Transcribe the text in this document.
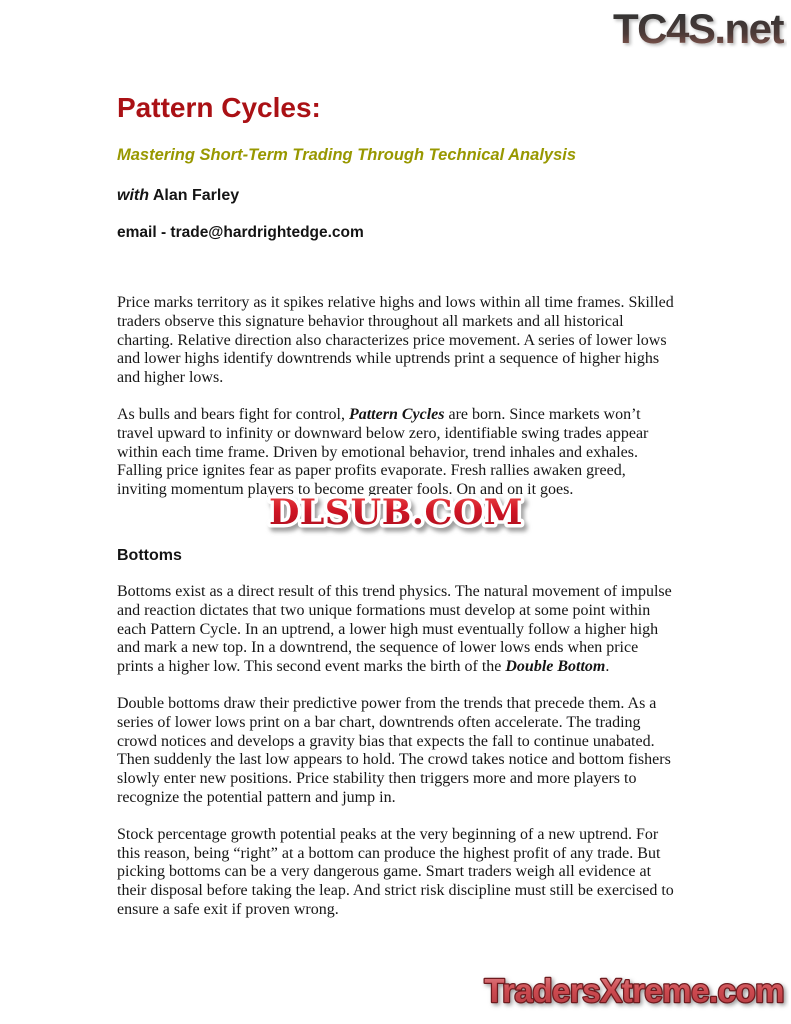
TC4S.net
Pattern Cycles:
Mastering Short-Term Trading Through Technical Analysis
with Alan Farley
email - trade@hardrightedge.com

Price marks territory as it spikes relative highs and lows within all time frames. Skilled traders observe this signature behavior throughout all markets and all historical charting. Relative direction also characterizes price movement. A series of lower lows and lower highs identify downtrends while uptrends print a sequence of higher highs and higher lows.

As bulls and bears fight for control, Pattern Cycles are born. Since markets won’t travel upward to infinity or downward below zero, identifiable swing trades appear within each time frame. Driven by emotional behavior, trend inhales and exhales. Falling price ignites fear as paper profits evaporate. Fresh rallies awaken greed, inviting momentum players to become greater fools. On and on it goes.

Bottoms

Bottoms exist as a direct result of this trend physics. The natural movement of impulse and reaction dictates that two unique formations must develop at some point within each Pattern Cycle. In an uptrend, a lower high must eventually follow a higher high and mark a new top. In a downtrend, the sequence of lower lows ends when price prints a higher low. This second event marks the birth of the Double Bottom.

Double bottoms draw their predictive power from the trends that precede them. As a series of lower lows print on a bar chart, downtrends often accelerate. The trading crowd notices and develops a gravity bias that expects the fall to continue unabated. Then suddenly the last low appears to hold. The crowd takes notice and bottom fishers slowly enter new positions. Price stability then triggers more and more players to recognize the potential pattern and jump in.

Stock percentage growth potential peaks at the very beginning of a new uptrend. For this reason, being “right” at a bottom can produce the highest profit of any trade. But picking bottoms can be a very dangerous game. Smart traders weigh all evidence at their disposal before taking the leap. And strict risk discipline must still be exercised to ensure a safe exit if proven wrong.

DLSUB.COM
TradersXtreme.com
